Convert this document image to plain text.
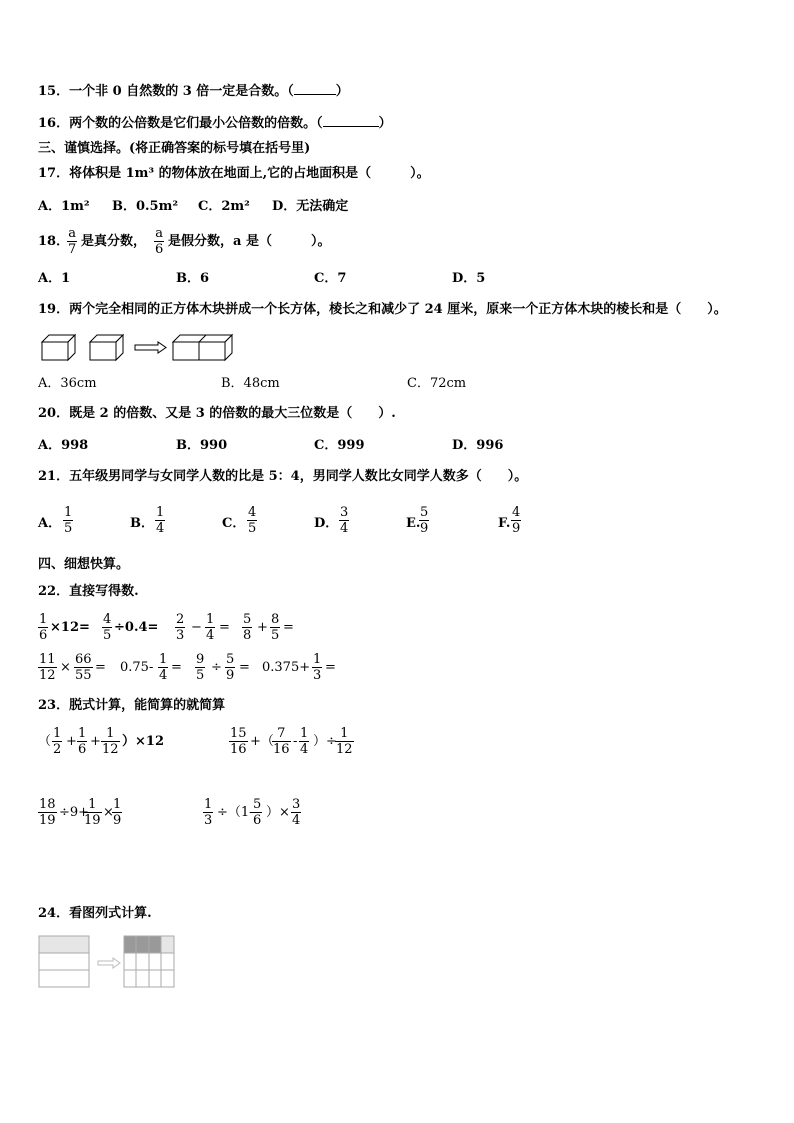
15．一个非 0 自然数的 3 倍一定是合数。（	）
16．两个数的公倍数是它们最小公倍数的倍数。（	）
三、谨慎选择。(将正确答案的标号填在括号里)
17．将体积是 1m³ 的物体放在地面上,它的占地面积是（　　　）。
A．1m² B．0.5m² C．2m² D．无法确定
18．
a
7
是真分数，
a
6
是假分数，a 是（　　　）。
A．1	B．6	C．7	D．5
19．两个完全相同的正方体木块拼成一个长方体，棱长之和减少了 24 厘米，原来一个正方体木块的棱长和是（　　）。
A．36cm	B．48cm	C．72cm
20．既是 2 的倍数、又是 3 的倍数的最大三位数是（　　）.
A．998	B．990	C．999	D．996
21．五年级男同学与女同学人数的比是 5：4，男同学人数比女同学人数多（　　）。
A．
1
5	B．
1
4	C．
4
5	D．
3
4	E.
5
9	F.
4
9
四、细想快算。
22．直接写得数.
1
6
×12=
4
5
÷0.4=
2
3
−
1
4
=
5
8
+
8
5
=
11
12
×
66
55
= 0.75-
1
4
=
9
5
÷
5
9
= 0.375+
1
3
=
23．脱式计算，能简算的就简算
（
1
2
+
1
6
+
1
12
）×12
15
16
+（
7
16
-
1
4
）÷
1
12
18
19
÷9+
1
19
×
1
9
1
3
÷（1-
5
6
）×
3
4
24．看图列式计算.
